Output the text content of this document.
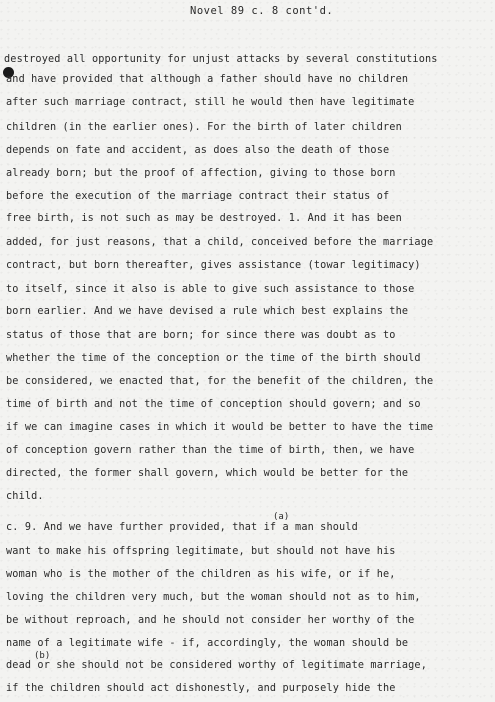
Novel 89 c. 8 cont'd.
destroyed all opportunity for unjust attacks by several constitutions
and have provided that although a father should have no children
after such marriage contract, still he would then have legitimate
children (in the earlier ones). For the birth of later children
depends on fate and accident, as does also the death of those
already born; but the proof of affection, giving to those born
before the execution of the marriage contract their status of
free birth, is not such as may be destroyed. 1. And it has been
added, for just reasons, that a child, conceived before the marriage
contract, but born thereafter, gives assistance (towar legitimacy)
to itself, since it also is able to give such assistance to those
born earlier. And we have devised a rule which best explains the
status of those that are born; for since there was doubt as to
whether the time of the conception or the time of the birth should
be considered, we enacted that, for the benefit of the children, the
time of birth and not the time of conception should govern; and so
if we can imagine cases in which it would be better to have the time
of conception govern rather than the time of birth, then, we have
directed, the former shall govern, which would be better for the
child.
c. 9. And we have further provided, that if a man should
want to make his offspring legitimate, but should not have his
woman who is the mother of the children as his wife, or if he,
loving the children very much, but the woman should not as to him,
be without reproach, and he should not consider her worthy of the
name of a legitimate wife - if, accordingly, the woman should be
dead or she should not be considered worthy of legitimate marriage,
if the children should act dishonestly, and purposely hide the
(a)
(b)
